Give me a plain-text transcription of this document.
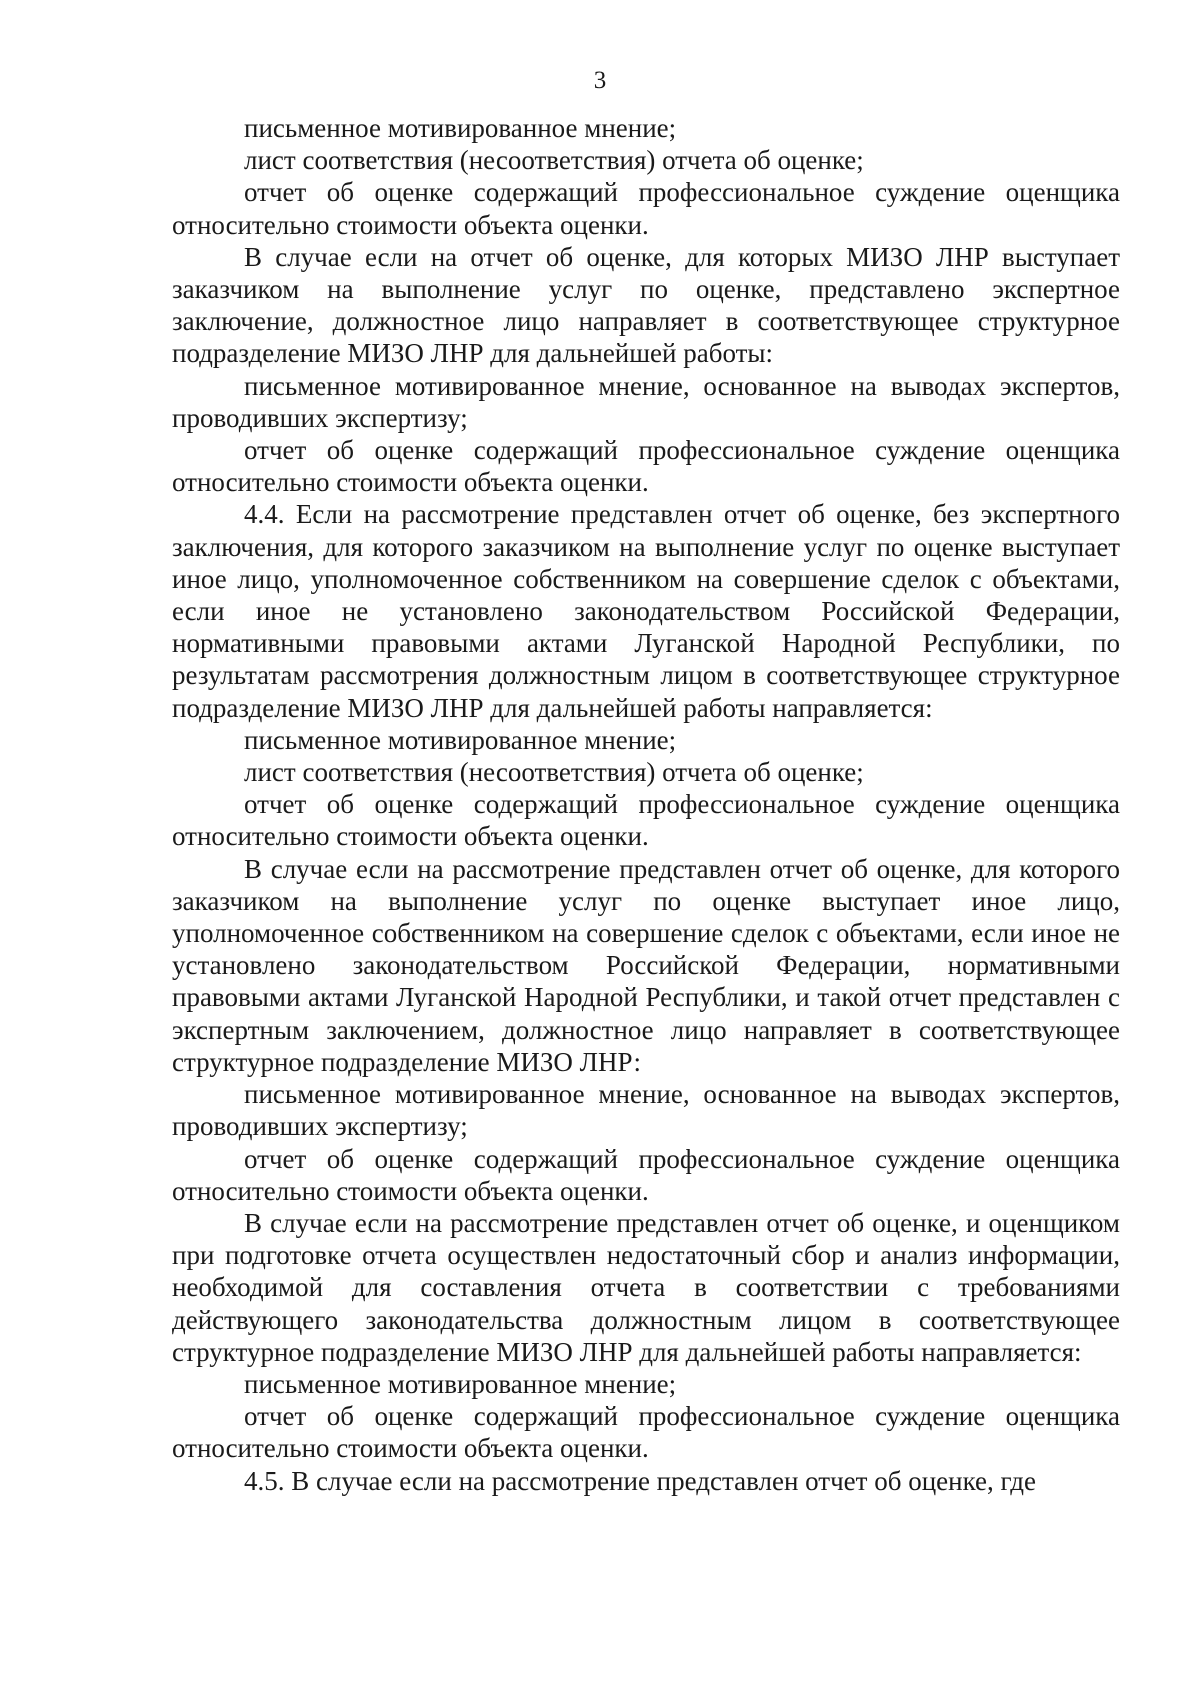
3

письменное мотивированное мнение;

лист соответствия (несоответствия) отчета об оценке;

отчет об оценке содержащий профессиональное суждение оценщика относительно стоимости объекта оценки.

В случае если на отчет об оценке, для которых МИЗО ЛНР выступает заказчиком на выполнение услуг по оценке, представлено экспертное заключение, должностное лицо направляет в соответствующее структурное подразделение МИЗО ЛНР для дальнейшей работы:

письменное мотивированное мнение, основанное на выводах экспертов, проводивших экспертизу;

отчет об оценке содержащий профессиональное суждение оценщика относительно стоимости объекта оценки.

4.4. Если на рассмотрение представлен отчет об оценке, без экспертного заключения, для которого заказчиком на выполнение услуг по оценке выступает иное лицо, уполномоченное собственником на совершение сделок с объектами, если иное не установлено законодательством Российской Федерации, нормативными правовыми актами Луганской Народной Республики, по результатам рассмотрения должностным лицом в соответствующее структурное подразделение МИЗО ЛНР для дальнейшей работы направляется:

письменное мотивированное мнение;

лист соответствия (несоответствия) отчета об оценке;

отчет об оценке содержащий профессиональное суждение оценщика относительно стоимости объекта оценки.

В случае если на рассмотрение представлен отчет об оценке, для которого заказчиком на выполнение услуг по оценке выступает иное лицо, уполномоченное собственником на совершение сделок с объектами, если иное не установлено законодательством Российской Федерации, нормативными правовыми актами Луганской Народной Республики, и такой отчет представлен с экспертным заключением, должностное лицо направляет в соответствующее структурное подразделение МИЗО ЛНР:

письменное мотивированное мнение, основанное на выводах экспертов, проводивших экспертизу;

отчет об оценке содержащий профессиональное суждение оценщика относительно стоимости объекта оценки.

В случае если на рассмотрение представлен отчет об оценке, и оценщиком при подготовке отчета осуществлен недостаточный сбор и анализ информации, необходимой для составления отчета в соответствии с требованиями действующего законодательства должностным лицом в соответствующее структурное подразделение МИЗО ЛНР для дальнейшей работы направляется:

письменное мотивированное мнение;

отчет об оценке содержащий профессиональное суждение оценщика относительно стоимости объекта оценки.

4.5. В случае если на рассмотрение представлен отчет об оценке, где
